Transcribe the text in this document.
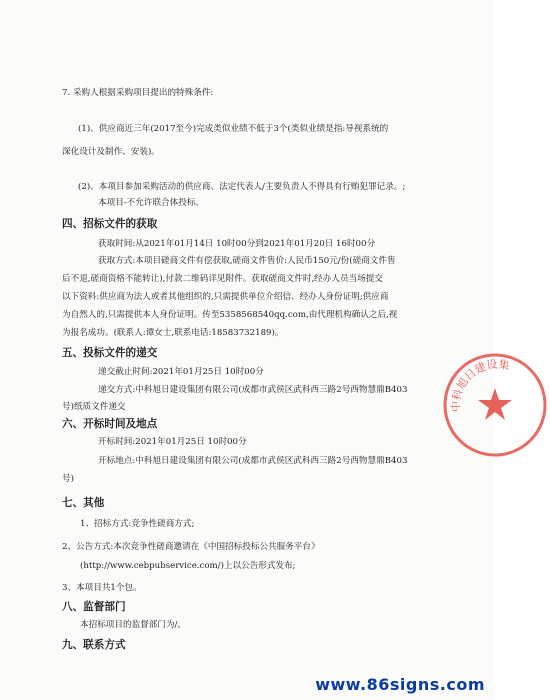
7. 采购人根据采购项目提出的特殊条件:
(1)、供应商近三年(2017至今)完成类似业绩不低于3个(类似业绩是指:导视系统的
深化设计及制作、安装)。
(2)、本项目参加采购活动的供应商、法定代表人/主要负责人不得具有行贿犯罪记录。;
本项目-不允许联合体投标。
四、招标文件的获取
获取时间:从2021年01月14日 10时00分到2021年01月20日 16时00分
获取方式:本项目磋商文件有偿获取,磋商文件售价:人民币150元/份(磋商文件售
后不退,磋商资格不能转让),付款二维码详见附件。获取磋商文件时,经办人员当场提交
以下资料:供应商为法人或者其他组织的,只需提供单位介绍信、经办人身份证明;供应商
为自然人的,只需提供本人身份证明。传至5358568540qq.com,由代理机构确认之后,视
为报名成功。(联系人:谭女士,联系电话:18583732189)。
五、投标文件的递交
递交截止时间:2021年01月25日 10时00分
递交方式:中科旭日建设集团有限公司(成都市武侯区武科西三路2号西物慧鼎B403
号)纸质文件递交
六、开标时间及地点
开标时间:2021年01月25日 10时00分
开标地点:中科旭日建设集团有限公司(成都市武侯区武科西三路2号西物慧鼎B403
号)
七、其他
1、招标方式:竞争性磋商方式;
2、公告方式:本次竞争性磋商邀请在《中国招标投标公共服务平台》
(http://www.cebpubservice.com/)上以公告形式发布;
3、本项目共1个包。
八、监督部门
本招标项目的监督部门为/。
九、联系方式
中科旭日建设集
www.86signs.com
